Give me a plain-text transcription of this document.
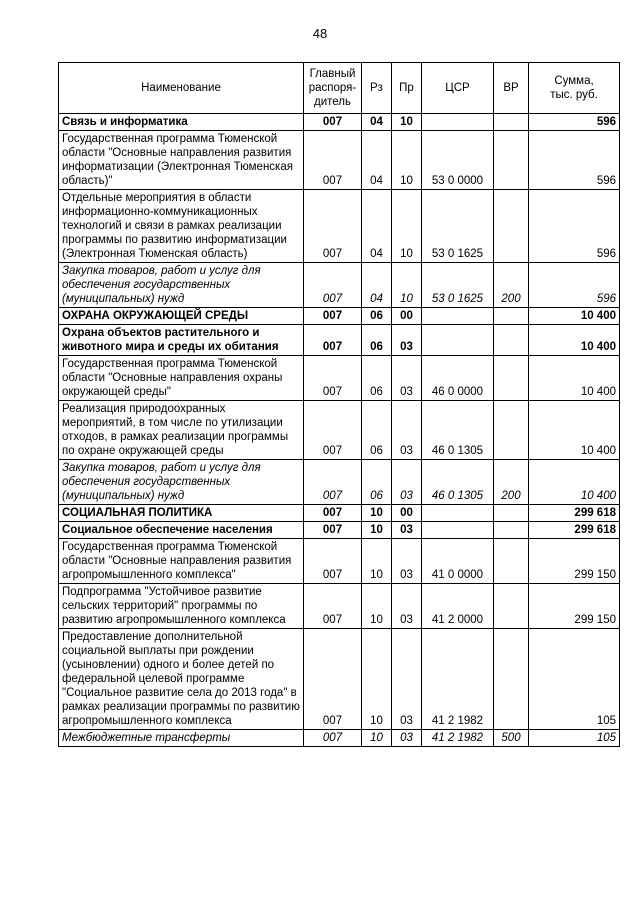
48
Наименование	Главный
распоря-
дитель	Рз	Пр	ЦСР	ВР	Сумма,
тыс. руб.
Связь и информатика	007	04	10			596
Государственная программа Тюменской области "Основные направления развития информатизации (Электронная Тюменская область)"	007	04	10	53 0 0000		596
Отдельные мероприятия в области информационно-коммуникационных технологий и связи в рамках реализации программы по развитию информатизации (Электронная Тюменская область)	007	04	10	53 0 1625		596
Закупка товаров, работ и услуг для обеспечения государственных (муниципальных) нужд	007	04	10	53 0 1625	200	596
ОХРАНА ОКРУЖАЮЩЕЙ СРЕДЫ	007	06	00			10 400
Охрана объектов растительного и животного мира и среды их обитания	007	06	03			10 400
Государственная программа Тюменской области "Основные направления охраны окружающей среды"	007	06	03	46 0 0000		10 400
Реализация природоохранных мероприятий, в том числе по утилизации отходов, в рамках реализации программы по охране окружающей среды	007	06	03	46 0 1305		10 400
Закупка товаров, работ и услуг для обеспечения государственных (муниципальных) нужд	007	06	03	46 0 1305	200	10 400
СОЦИАЛЬНАЯ ПОЛИТИКА	007	10	00			299 618
Социальное обеспечение населения	007	10	03			299 618
Государственная программа Тюменской области "Основные направления развития агропромышленного комплекса"	007	10	03	41 0 0000		299 150
Подпрограмма "Устойчивое развитие сельских территорий" программы по развитию агропромышленного комплекса	007	10	03	41 2 0000		299 150
Предоставление дополнительной социальной выплаты при рождении (усыновлении) одного и более детей по федеральной целевой программе "Социальное развитие села до 2013 года" в рамках реализации программы по развитию агропромышленного комплекса	007	10	03	41 2 1982		105
Межбюджетные трансферты	007	10	03	41 2 1982	500	105
